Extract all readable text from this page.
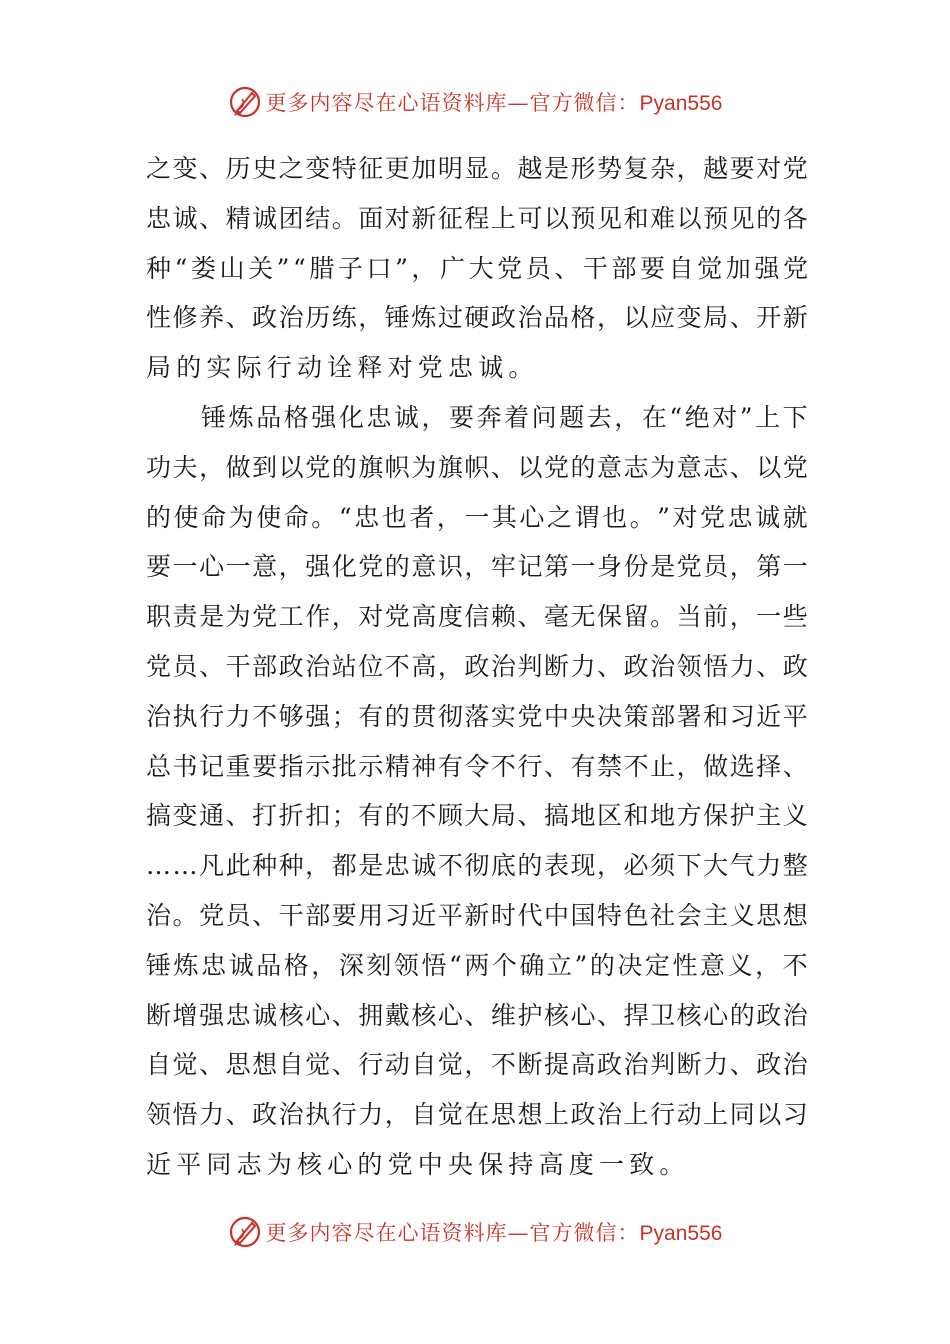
更多内容尽在心语资料库—官方微信：Pyan556
之 变 、 历 史 之 变 特 征 更 加 明 显 。 越 是 形 势 复 杂 ， 越 要 对 党
忠 诚 、 精 诚 团 结 。 面 对 新 征 程 上 可 以 预 见 和 难 以 预 见 的 各
种 “ 娄 山 关 ” “ 腊 子 口 ” ， 广 大 党 员 、 干 部 要 自 觉 加 强 党
性 修 养 、 政 治 历 练 ， 锤 炼 过 硬 政 治 品 格 ， 以 应 变 局 、 开 新
局的实际行动诠释对党忠诚。

锤 炼 品 格 强 化 忠 诚 ， 要 奔 着 问 题 去 ， 在 “ 绝 对 ” 上 下
功 夫 ， 做 到 以 党 的 旗 帜 为 旗 帜 、 以 党 的 意 志 为 意 志 、 以 党
的 使 命 为 使 命 。 “ 忠 也 者 ， 一 其 心 之 谓 也 。 ” 对 党 忠 诚 就
要 一 心 一 意 ， 强 化 党 的 意 识 ， 牢 记 第 一 身 份 是 党 员 ， 第 一
职 责 是 为 党 工 作 ， 对 党 高 度 信 赖 、 毫 无 保 留 。 当 前 ， 一 些
党 员 、 干 部 政 治 站 位 不 高 ， 政 治 判 断 力 、 政 治 领 悟 力 、 政
治 执 行 力 不 够 强 ； 有 的 贯 彻 落 实 党 中 央 决 策 部 署 和 习 近 平
总 书 记 重 要 指 示 批 示 精 神 有 令 不 行 、 有 禁 不 止 ， 做 选 择 、
搞 变 通 、 打 折 扣 ； 有 的 不 顾 大 局 、 搞 地 区 和 地 方 保 护 主 义
… … 凡 此 种 种 ， 都 是 忠 诚 不 彻 底 的 表 现 ， 必 须 下 大 气 力 整
治 。 党 员 、 干 部 要 用 习 近 平 新 时 代 中 国 特 色 社 会 主 义 思 想
锤 炼 忠 诚 品 格 ， 深 刻 领 悟 “ 两 个 确 立 ” 的 决 定 性 意 义 ， 不
断 增 强 忠 诚 核 心 、 拥 戴 核 心 、 维 护 核 心 、 捍 卫 核 心 的 政 治
自 觉 、 思 想 自 觉 、 行 动 自 觉 ， 不 断 提 高 政 治 判 断 力 、 政 治
领 悟 力 、 政 治 执 行 力 ， 自 觉 在 思 想 上 政 治 上 行 动 上 同 以 习
近平同志为核心的党中央保持高度一致。
更多内容尽在心语资料库—官方微信：Pyan556
